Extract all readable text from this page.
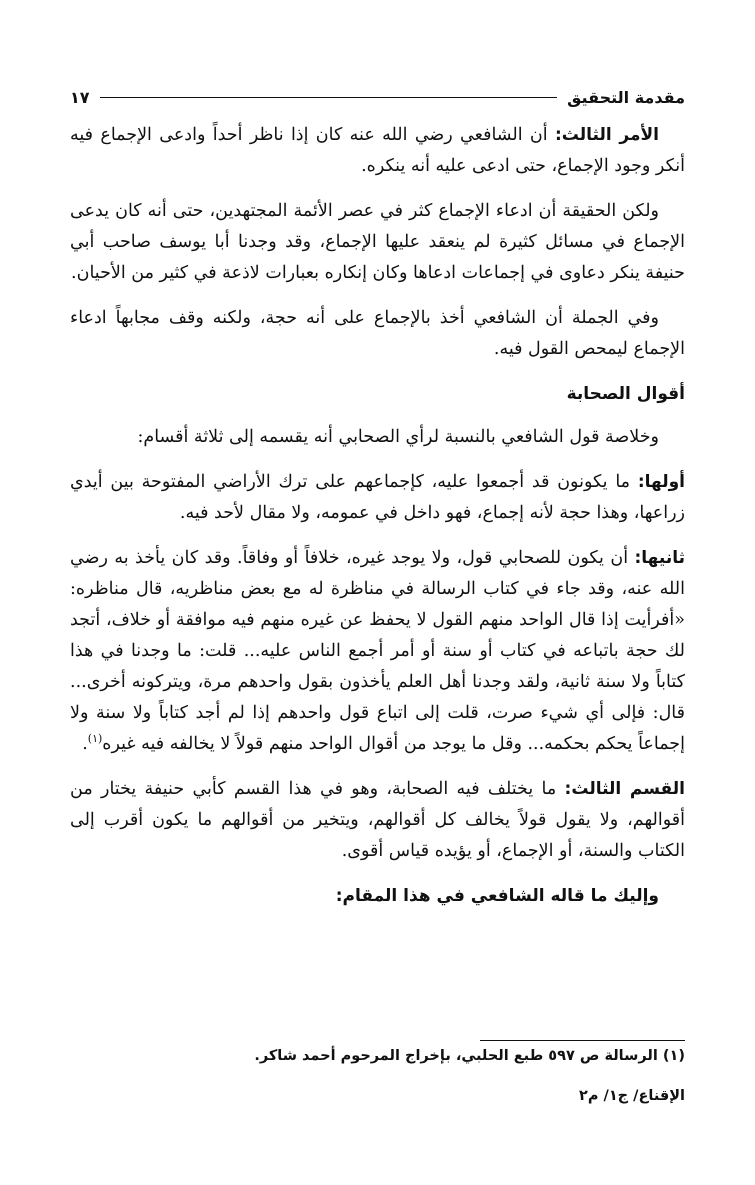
مقدمة التحقيق
١٧

الأمر الثالث: أن الشافعي رضي الله عنه كان إذا ناظر أحداً وادعى الإجماع فيه أنكر وجود الإجماع، حتى ادعى عليه أنه ينكره.

ولكن الحقيقة أن ادعاء الإجماع كثر في عصر الأئمة المجتهدين، حتى أنه كان يدعى الإجماع في مسائل كثيرة لم ينعقد عليها الإجماع، وقد وجدنا أبا يوسف صاحب أبي حنيفة ينكر دعاوى في إجماعات ادعاها وكان إنكاره بعبارات لاذعة في كثير من الأحيان.

وفي الجملة أن الشافعي أخذ بالإجماع على أنه حجة، ولكنه وقف مجابهاً ادعاء الإجماع ليمحص القول فيه.

أقوال الصحابة

وخلاصة قول الشافعي بالنسبة لرأي الصحابي أنه يقسمه إلى ثلاثة أقسام:

أولها: ما يكونون قد أجمعوا عليه، كإجماعهم على ترك الأراضي المفتوحة بين أيدي زراعها، وهذا حجة لأنه إجماع، فهو داخل في عمومه، ولا مقال لأحد فيه.

ثانيها: أن يكون للصحابي قول، ولا يوجد غيره، خلافاً أو وفاقاً. وقد كان يأخذ به رضي الله عنه، وقد جاء في كتاب الرسالة في مناظرة له مع بعض مناظريه، قال مناظره: «أفرأيت إذا قال الواحد منهم القول لا يحفظ عن غيره منهم فيه موافقة أو خلاف، أتجد لك حجة باتباعه في كتاب أو سنة أو أمر أجمع الناس عليه... قلت: ما وجدنا في هذا كتاباً ولا سنة ثانية، ولقد وجدنا أهل العلم يأخذون بقول واحدهم مرة، ويتركونه أخرى... قال: فإلى أي شيء صرت، قلت إلى اتباع قول واحدهم إذا لم أجد كتاباً ولا سنة ولا إجماعاً يحكم بحكمه... وقل ما يوجد من أقوال الواحد منهم قولاً لا يخالفه فيه غيره$^{(١)}$.

القسم الثالث: ما يختلف فيه الصحابة، وهو في هذا القسم كأبي حنيفة يختار من أقوالهم، ولا يقول قولاً يخالف كل أقوالهم، ويتخير من أقوالهم ما يكون أقرب إلى الكتاب والسنة، أو الإجماع، أو يؤيده قياس أقوى.

وإليك ما قاله الشافعي في هذا المقام:

(١) الرسالة ص ٥٩٧ طبع الحلبي، بإخراج المرحوم أحمد شاكر.
الإقناع/ ج١/ م٢
